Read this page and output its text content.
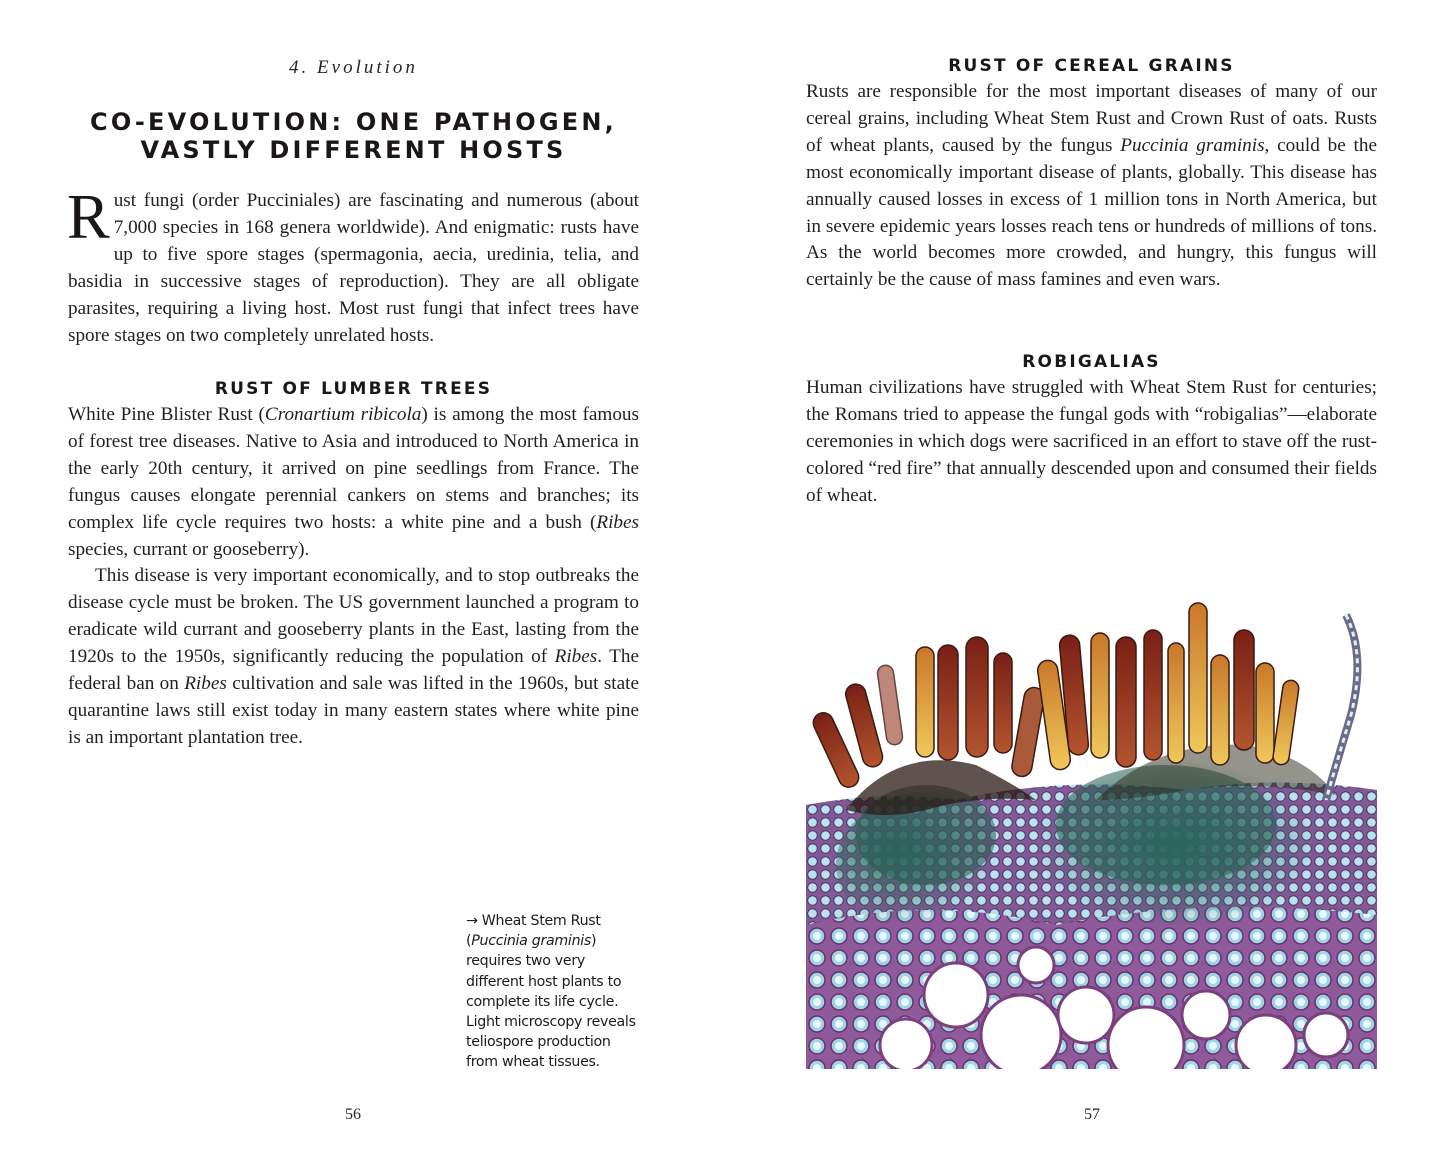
4. Evolution
CO-EVOLUTION: ONE PATHOGEN,
VASTLY DIFFERENT HOSTS

Rust fungi (order Pucciniales) are fascinating and numerous (about 7,000 species in 168 genera worldwide). And enigmatic: rusts have up to five spore stages (spermagonia, aecia, uredinia, telia, and basidia in successive stages of reproduction). They are all obligate parasites, requiring a living host. Most rust fungi that infect trees have spore stages on two completely unrelated hosts.

RUST OF LUMBER TREES

White Pine Blister Rust (Cronartium ribicola) is among the most famous of forest tree diseases. Native to Asia and introduced to North America in the early 20th century, it arrived on pine seedlings from France. The fungus causes elongate perennial cankers on stems and branches; its complex life cycle requires two hosts: a white pine and a bush (Ribes species, currant or gooseberry).

This disease is very important economically, and to stop outbreaks the disease cycle must be broken. The US government launched a program to eradicate wild currant and gooseberry plants in the East, lasting from the 1920s to the 1950s, significantly reducing the population of Ribes. The federal ban on Ribes cultivation and sale was lifted in the 1960s, but state quarantine laws still exist today in many eastern states where white pine is an important plantation tree.

→ Wheat Stem Rust (Puccinia graminis) requires two very different host plants to complete its life cycle. Light microscopy reveals teliospore production from wheat tissues.
56
RUST OF CEREAL GRAINS

Rusts are responsible for the most important diseases of many of our cereal grains, including Wheat Stem Rust and Crown Rust of oats. Rusts of wheat plants, caused by the fungus Puccinia graminis, could be the most economically important disease of plants, globally. This disease has annually caused losses in excess of 1 million tons in North America, but in severe epidemic years losses reach tens or hundreds of millions of tons. As the world becomes more crowded, and hungry, this fungus will certainly be the cause of mass famines and even wars.

ROBIGALIAS

Human civilizations have struggled with Wheat Stem Rust for centuries; the Romans tried to appease the fungal gods with “robigalias”—elaborate ceremonies in which dogs were sacrificed in an effort to stave off the rust-colored “red fire” that annually descended upon and consumed their fields of wheat.

57
